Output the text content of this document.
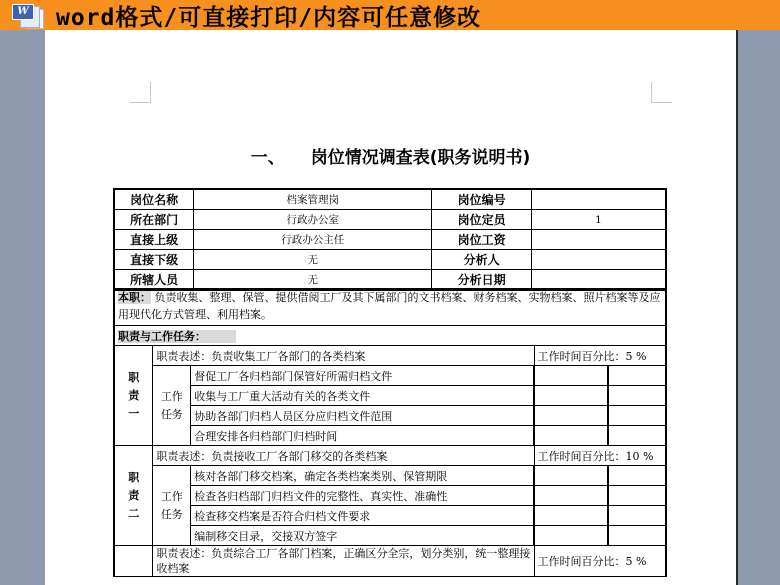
W word格式/可直接打印/内容可任意修改
一、 岗位情况调查表(职务说明书)
岗位名称	档案管理岗	岗位编号	
所在部门	行政办公室	岗位定员	1
直接上级	行政办公主任	岗位工资	
直接下级	无	分析人	
所辖人员	无	分析日期	
本职： 负责收集、整理、保管、提供借阅工厂及其下属部门的文书档案、财务档案、实物档案、照片档案等及应用现代化方式管理、利用档案。				
职责与工作任务：				
职
责
一	职责表述：负责收集工厂各部门的各类档案		工作时间百分比：5 %	
	工作
任务	督促工厂各归档部门保管好所需归档文件		
		收集与工厂重大活动有关的各类文件		
		协助各部门归档人员区分应归档文件范围		
		合理安排各归档部门归档时间		
职
责
二	职责表述：负责接收工厂各部门移交的各类档案		工作时间百分比：10 %	
	工作
任务	核对各部门移交档案，确定各类档案类别、保管期限		
		检查各归档部门归档文件的完整性、真实性、准确性		
		检查移交档案是否符合归档文件要求		
		编制移交目录，交接双方签字		
	职责表述：负责综合工厂各部门档案，正确区分全宗，划分类别，统一整理接收档案		工作时间百分比：5 %	
